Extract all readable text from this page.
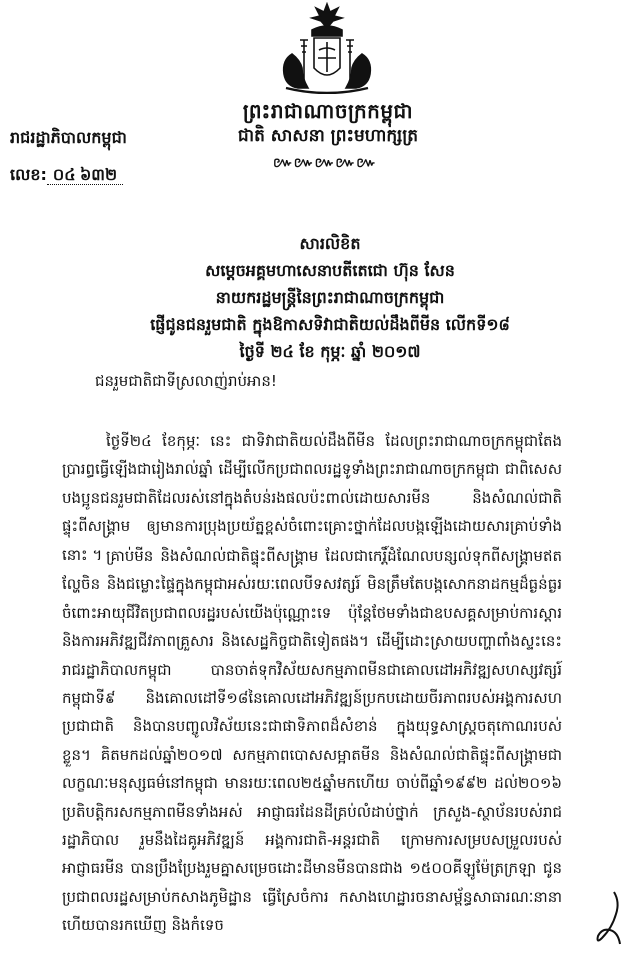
ព្រះរាជាណាចក្រកម្ពុជា
ជាតិ សាសនា ព្រះមហាក្សត្រ
៚៚៚៚៚
រាជរដ្ឋាភិបាលកម្ពុជា
លេខ: ០៤ ៦៣២
សារលិខិត
សម្ដេចអគ្គមហាសេនាបតីតេជោ ហ៊ុន សែន
នាយករដ្ឋមន្ត្រីនៃព្រះរាជាណាចក្រកម្ពុជា
ផ្ញើជូនជនរួមជាតិ ក្នុងឱកាសទិវាជាតិយល់ដឹងពីមីន លើកទី១៨
ថ្ងៃទី ២៤ ខែ កុម្ភៈ ឆ្នាំ ២០១៧
ជនរួមជាតិជាទីស្រលាញ់រាប់អាន!
ថ្ងៃទី២៤ ខែកុម្ភៈ នេះ ជាទិវាជាតិយល់ដឹងពីមីន ដែលព្រះរាជាណាចក្រកម្ពុជាតែងប្រារព្ធធ្វើឡើងជារៀងរាល់ឆ្នាំ ដើម្បីលើកប្រជាពលរដ្ឋទូទាំងព្រះរាជាណាចក្រកម្ពុជា ជាពិសេស បងប្អូនជនរួមជាតិដែលរស់នៅក្នុងតំបន់រងផលប៉ះពាល់ដោយសារមីន និងសំណល់ជាតិផ្ទុះពីសង្គ្រាម ឲ្យមានការប្រុងប្រយ័ត្នខ្ពស់ចំពោះគ្រោះថ្នាក់ដែលបង្កឡើងដោយសារគ្រាប់ទាំងនោះ ។ គ្រាប់មីន និងសំណល់ជាតិផ្ទុះពីសង្គ្រាម ដែលជាកេរ្តិ៍ដំណែលបន្សល់ទុកពីសង្គ្រាមឥតល្ហែចិន និងជម្លោះផ្ទៃក្នុងកម្ពុជាអស់រយៈពេលបីទសវត្សរ៍ មិនត្រឹមតែបង្កសោកនាដកម្មដ៏ធ្ងន់ធ្ងរចំពោះអាយុជីវិតប្រជាពលរដ្ឋរបស់យើងប៉ុណ្ណោះទេ ប៉ុន្តែថែមទាំងជាឧបសគ្គសម្រាប់ការស្តារ និងការអភិវឌ្ឍជីវភាពគ្រួសារ និងសេដ្ឋកិច្ចជាតិទៀតផង។ ដើម្បីដោះស្រាយបញ្ហាពាំងស្ទះនេះ រាជរដ្ឋាភិបាលកម្ពុជា បានចាត់ទុកវិស័យសកម្មភាពមីនជាគោលដៅអភិវឌ្ឍសហស្សវត្សរ៍កម្ពុជាទី៩ និងគោលដៅទី១៨នៃគោលដៅអភិវឌ្ឍន៍ប្រកបដោយចីរភាពរបស់អង្គការសហប្រជាជាតិ និងបានបញ្ចូលវិស័យនេះជាផាទិភាពដ៏សំខាន់ ក្នុងយុទ្ធសាស្ត្រចតុកោណរបស់ខ្លួន។ គិតមកដល់ឆ្នាំ២០១៧ សកម្មភាពបោសសម្អាតមីន និងសំណល់ជាតិផ្ទុះពីសង្គ្រាមជាលក្ខណៈមនុស្សធម៌នៅកម្ពុជា មានរយៈពេល២៥ឆ្នាំមកហើយ ចាប់ពីឆ្នាំ១៩៩២ ដល់២០១៦ ប្រតិបត្តិករសកម្មភាពមីនទាំងអស់ អាជ្ញាធរដែនដីគ្រប់លំដាប់ថ្នាក់ ក្រសួង-ស្ថាប័នរបស់រាជរដ្ឋាភិបាល រួមនឹងដៃគូអភិវឌ្ឍន៍ អង្គការជាតិ-អន្តរជាតិ ក្រោមការសម្របសម្រួលរបស់អាជ្ញាធរមីន បានប្រឹងប្រែងរួមគ្នាសម្រេចដោះដីមានមីនបានជាង ១៥០០គីឡូម៉ែត្រក្រឡា ជូនប្រជាពលរដ្ឋសម្រាប់កសាងភូមិដ្ឋាន ធ្វើស្រែចំការ កសាងហេដ្ឋារចនាសម្ព័ន្ធសាធារណៈនានា ហើយបានរកឃើញ និងកំទេច
